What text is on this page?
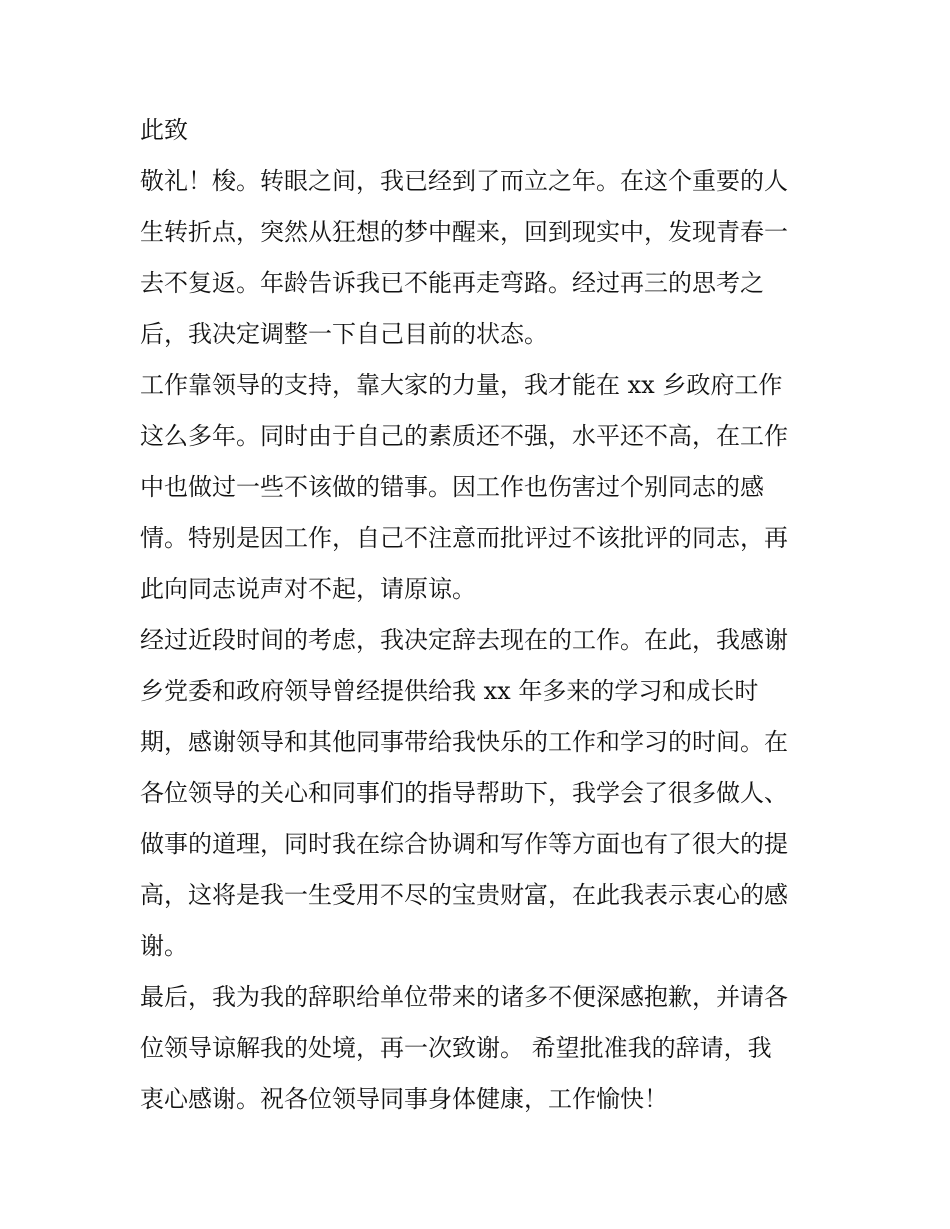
此致

敬礼！梭。转眼之间，我已经到了而立之年。在这个重要的人

生转折点，突然从狂想的梦中醒来，回到现实中，发现青春一

去不复返。年龄告诉我已不能再走弯路。经过再三的思考之

后，我决定调整一下自己目前的状态。

工作靠领导的支持，靠大家的力量，我才能在 xx 乡政府工作

这么多年。同时由于自己的素质还不强，水平还不高，在工作

中也做过一些不该做的错事。因工作也伤害过个别同志的感

情。特别是因工作，自己不注意而批评过不该批评的同志，再

此向同志说声对不起，请原谅。

经过近段时间的考虑，我决定辞去现在的工作。在此，我感谢

乡党委和政府领导曾经提供给我 xx 年多来的学习和成长时

期，感谢领导和其他同事带给我快乐的工作和学习的时间。在

各位领导的关心和同事们的指导帮助下，我学会了很多做人、

做事的道理，同时我在综合协调和写作等方面也有了很大的提

高，这将是我一生受用不尽的宝贵财富，在此我表示衷心的感

谢。

最后，我为我的辞职给单位带来的诸多不便深感抱歉，并请各

位领导谅解我的处境，再一次致谢。 希望批准我的辞请，我

衷心感谢。祝各位领导同事身体健康，工作愉快！
